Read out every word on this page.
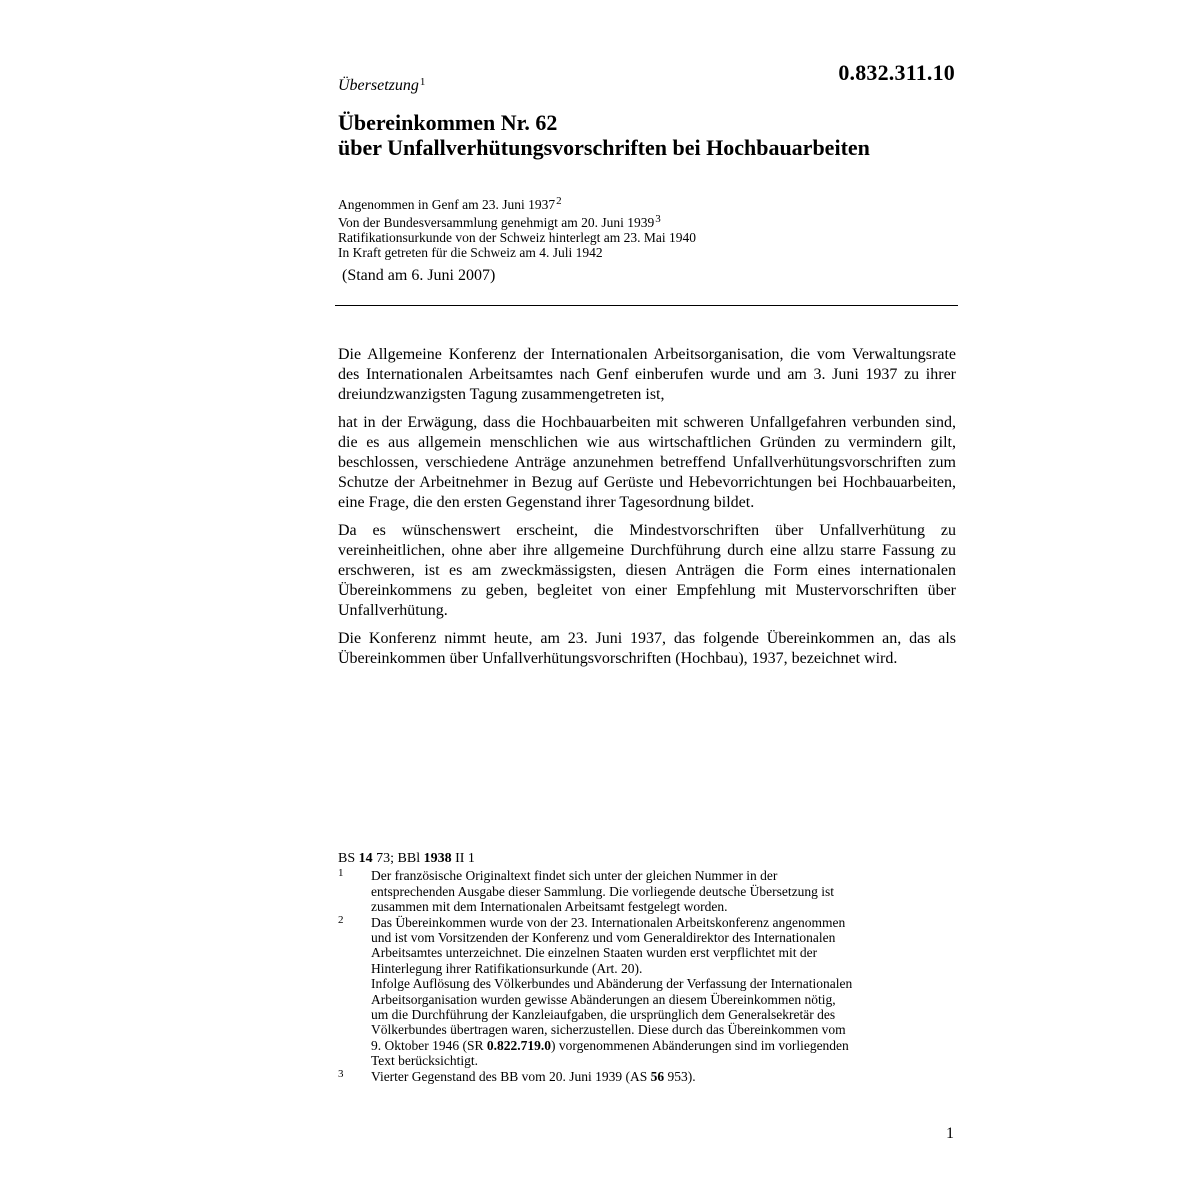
0.832.311.10
Übersetzung$^1$
Übereinkommen Nr. 62
über Unfallverhütungsvorschriften bei Hochbauarbeiten
Angenommen in Genf am 23. Juni 1937$^2$
Von der Bundesversammlung genehmigt am 20. Juni 1939$^3$
Ratifikationsurkunde von der Schweiz hinterlegt am 23. Mai 1940
In Kraft getreten für die Schweiz am 4. Juli 1942
(Stand am 6. Juni 2007)

Die Allgemeine Konferenz der Internationalen Arbeitsorganisation, die vom Verwaltungsrate des Internationalen Arbeitsamtes nach Genf einberufen wurde und am 3. Juni 1937 zu ihrer dreiundzwanzigsten Tagung zusammengetreten ist,

hat in der Erwägung, dass die Hochbauarbeiten mit schweren Unfallgefahren verbunden sind, die es aus allgemein menschlichen wie aus wirtschaftlichen Gründen zu vermindern gilt, beschlossen, verschiedene Anträge anzunehmen betreffend Unfallverhütungsvorschriften zum Schutze der Arbeitnehmer in Bezug auf Gerüste und Hebevorrichtungen bei Hochbauarbeiten, eine Frage, die den ersten Gegenstand ihrer Tagesordnung bildet.

Da es wünschenswert erscheint, die Mindestvorschriften über Unfallverhütung zu vereinheitlichen, ohne aber ihre allgemeine Durchführung durch eine allzu starre Fassung zu erschweren, ist es am zweckmässigsten, diesen Anträgen die Form eines internationalen Übereinkommens zu geben, begleitet von einer Empfehlung mit Mustervorschriften über Unfallverhütung.

Die Konferenz nimmt heute, am 23. Juni 1937, das folgende Übereinkommen an, das als Übereinkommen über Unfallverhütungsvorschriften (Hochbau), 1937, bezeichnet wird.

BS 14 73; BBl 1938 II 1
1 Der französische Originaltext findet sich unter der gleichen Nummer in der
entsprechenden Ausgabe dieser Sammlung. Die vorliegende deutsche Übersetzung ist
zusammen mit dem Internationalen Arbeitsamt festgelegt worden.
2 Das Übereinkommen wurde von der 23. Internationalen Arbeitskonferenz angenommen
und ist vom Vorsitzenden der Konferenz und vom Generaldirektor des Internationalen
Arbeitsamtes unterzeichnet. Die einzelnen Staaten wurden erst verpflichtet mit der
Hinterlegung ihrer Ratifikationsurkunde (Art. 20).
Infolge Auflösung des Völkerbundes und Abänderung der Verfassung der Internationalen
Arbeitsorganisation wurden gewisse Abänderungen an diesem Übereinkommen nötig,
um die Durchführung der Kanzleiaufgaben, die ursprünglich dem Generalsekretär des
Völkerbundes übertragen waren, sicherzustellen. Diese durch das Übereinkommen vom
9. Oktober 1946 (SR 0.822.719.0) vorgenommenen Abänderungen sind im vorliegenden
Text berücksichtigt.
3 Vierter Gegenstand des BB vom 20. Juni 1939 (AS 56 953).
1
